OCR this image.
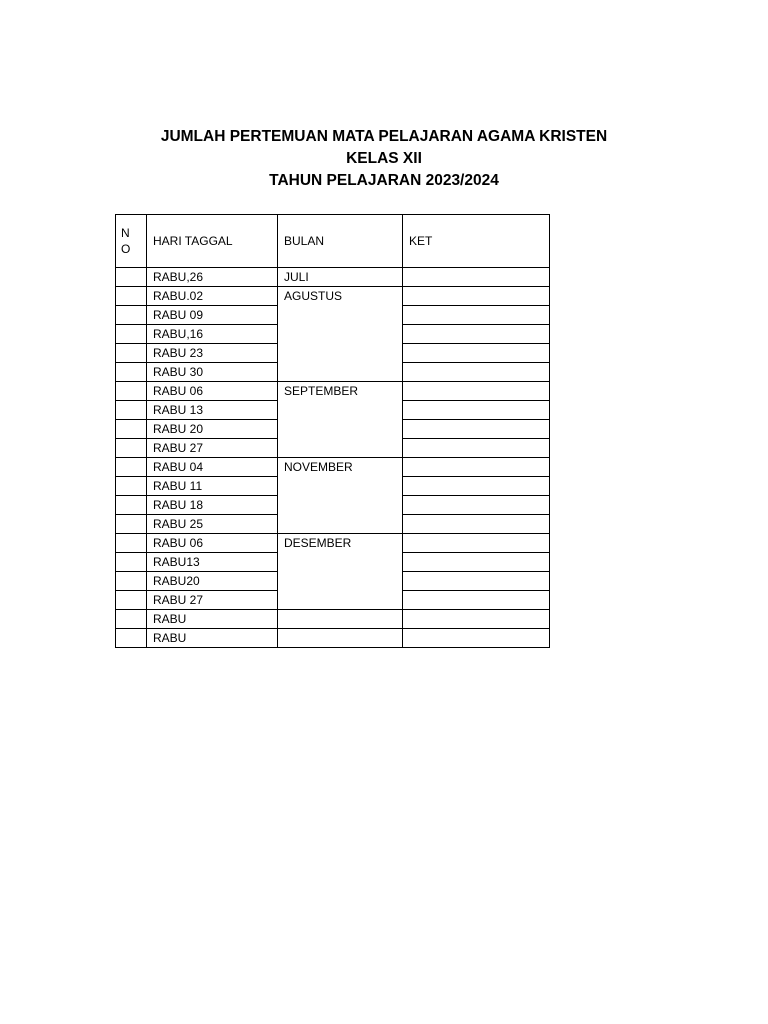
JUMLAH PERTEMUAN MATA PELAJARAN AGAMA KRISTEN
KELAS XII
TAHUN PELAJARAN 2023/2024
NO	HARI TAGGAL	BULAN	KET
	RABU,26	JULI	
	RABU.02	AGUSTUS	
	RABU 09		
	RABU,16		
	RABU 23		
	RABU 30		
	RABU 06	SEPTEMBER	
	RABU 13		
	RABU 20		
	RABU 27		
	RABU 04	NOVEMBER	
	RABU 11		
	RABU 18		
	RABU 25		
	RABU 06	DESEMBER	
	RABU13		
	RABU20		
	RABU 27		
	RABU		
	RABU		
